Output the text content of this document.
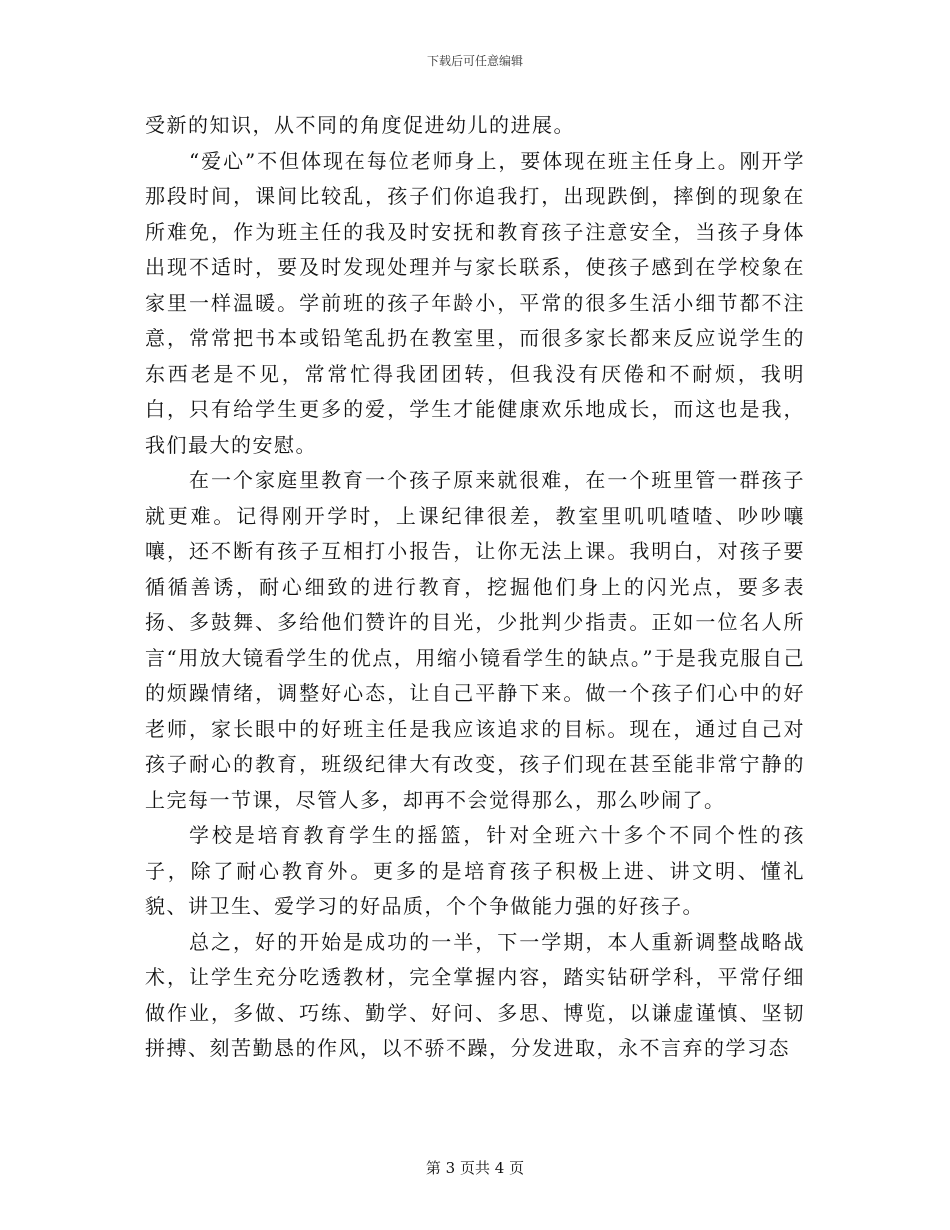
下载后可任意编辑

受新的知识，从不同的角度促进幼儿的进展。

“爱心”不但体现在每位老师身上，要体现在班主任身上。刚开学那段时间，课间比较乱，孩子们你追我打，出现跌倒，摔倒的现象在所难免，作为班主任的我及时安抚和教育孩子注意安全，当孩子身体出现不适时，要及时发现处理并与家长联系，使孩子感到在学校象在家里一样温暖。学前班的孩子年龄小，平常的很多生活小细节都不注意，常常把书本或铅笔乱扔在教室里，而很多家长都来反应说学生的东西老是不见，常常忙得我团团转，但我没有厌倦和不耐烦，我明白，只有给学生更多的爱，学生才能健康欢乐地成长，而这也是我，我们最大的安慰。

在一个家庭里教育一个孩子原来就很难，在一个班里管一群孩子就更难。记得刚开学时，上课纪律很差，教室里叽叽喳喳、吵吵嚷嚷，还不断有孩子互相打小报告，让你无法上课。我明白，对孩子要循循善诱，耐心细致的进行教育，挖掘他们身上的闪光点，要多表扬、多鼓舞、多给他们赞许的目光，少批判少指责。正如一位名人所言“用放大镜看学生的优点，用缩小镜看学生的缺点。”于是我克服自己的烦躁情绪，调整好心态，让自己平静下来。做一个孩子们心中的好老师，家长眼中的好班主任是我应该追求的目标。现在，通过自己对孩子耐心的教育，班级纪律大有改变，孩子们现在甚至能非常宁静的上完每一节课，尽管人多，却再不会觉得那么，那么吵闹了。

学校是培育教育学生的摇篮，针对全班六十多个不同个性的孩子，除了耐心教育外。更多的是培育孩子积极上进、讲文明、懂礼貌、讲卫生、爱学习的好品质，个个争做能力强的好孩子。

总之，好的开始是成功的一半，下一学期，本人重新调整战略战术，让学生充分吃透教材，完全掌握内容，踏实钻研学科，平常仔细做作业，多做、巧练、勤学、好问、多思、博览，以谦虚谨慎、坚韧拼搏、刻苦勤恳的作风，以不骄不躁，分发进取，永不言弃的学习态

第 3 页共 4 页
